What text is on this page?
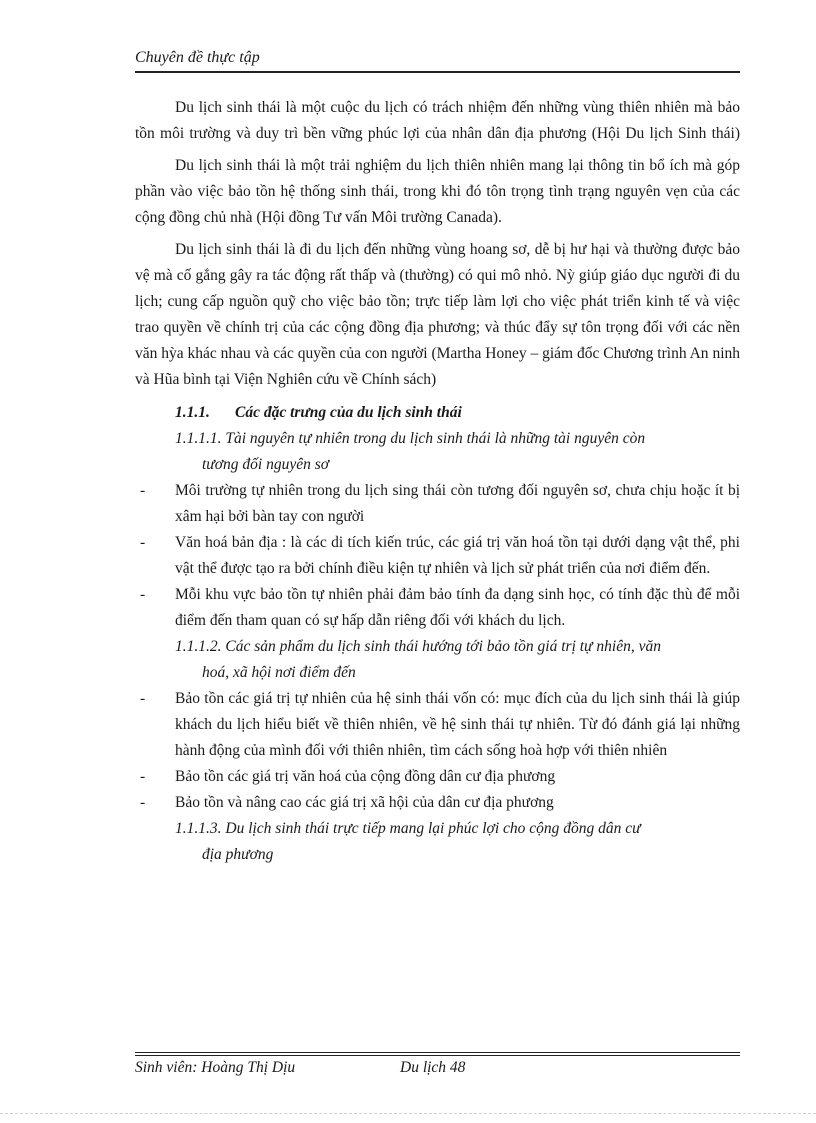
Chuyên đề thực tập

Du lịch sinh thái là một cuộc du lịch có trách nhiệm đến những vùng thiên nhiên mà bảo tồn môi trường và duy trì bền vững phúc lợi của nhân dân địa phương (Hội Du lịch Sinh thái)

Du lịch sinh thái là một trải nghiệm du lịch thiên nhiên mang lại thông tin bổ ích mà góp phần vào việc bảo tồn hệ thống sinh thái, trong khi đó tôn trọng tình trạng nguyên vẹn của các cộng đồng chủ nhà (Hội đồng Tư vấn Môi trường Canada).

Du lịch sinh thái là đi du lịch đến những vùng hoang sơ, dễ bị hư hại và thường được bảo vệ mà cố gắng gây ra tác động rất thấp và (thường) có qui mô nhỏ. Nỳ giúp giáo dục người đi du lịch; cung cấp nguồn quỹ cho việc bảo tồn; trực tiếp làm lợi cho việc phát triển kinh tế và việc trao quyền về chính trị của các cộng đồng địa phương; và thúc đẩy sự tôn trọng đối với các nền văn hỳa khác nhau và các quyền của con người (Martha Honey – giám đốc Chương trình An ninh và Hũa bình tại Viện Nghiên cứu về Chính sách)

1.1.1. Các đặc trưng của du lịch sinh thái
1.1.1.1. Tài nguyên tự nhiên trong du lịch sinh thái là những tài nguyên còn
tương đối nguyên sơ
- Môi trường tự nhiên trong du lịch sing thái còn tương đối nguyên sơ, chưa chịu hoặc ít bị xâm hại bởi bàn tay con người
- Văn hoá bản địa : là các di tích kiến trúc, các giá trị văn hoá tồn tại dưới dạng vật thể, phi vật thể được tạo ra bởi chính điều kiện tự nhiên và lịch sử phát triển của nơi điểm đến.
- Mỗi khu vực bảo tồn tự nhiên phải đảm bảo tính đa dạng sinh học, có tính đặc thù để mỗi điểm đến tham quan có sự hấp dẫn riêng đối với khách du lịch.
1.1.1.2. Các sản phẩm du lịch sinh thái hướng tới bảo tồn giá trị tự nhiên, văn
hoá, xã hội nơi điểm đến
- Bảo tồn các giá trị tự nhiên của hệ sinh thái vốn có: mục đích của du lịch sinh thái là giúp khách du lịch hiểu biết về thiên nhiên, về hệ sinh thái tự nhiên. Từ đó đánh giá lại những hành động của mình đối với thiên nhiên, tìm cách sống hoà hợp với thiên nhiên
- Bảo tồn các giá trị văn hoá của cộng đồng dân cư địa phương
- Bảo tồn và nâng cao các giá trị xã hội của dân cư địa phương
1.1.1.3. Du lịch sinh thái trực tiếp mang lại phúc lợi cho cộng đồng dân cư
địa phương
Sinh viên: Hoàng Thị Dịu	Du lịch 48
